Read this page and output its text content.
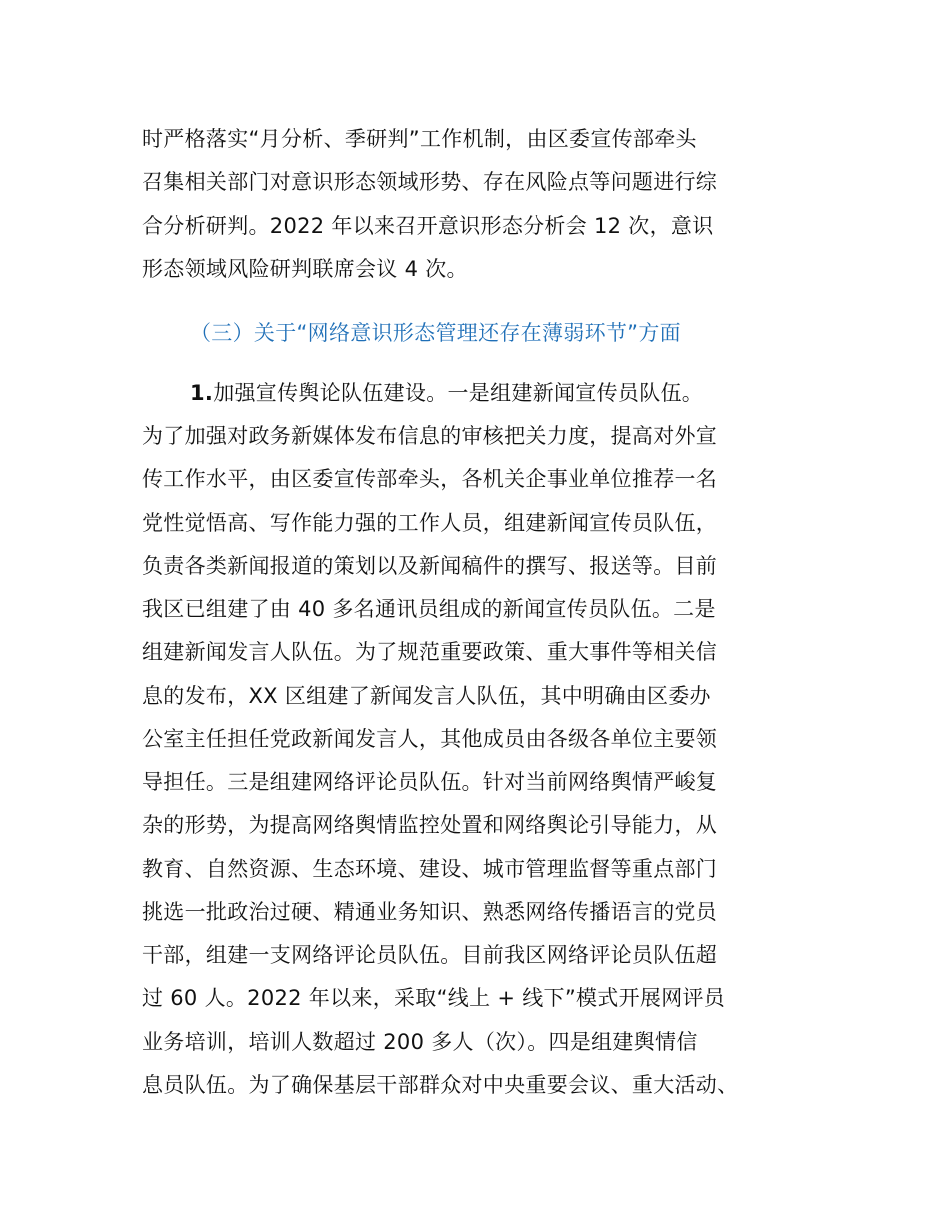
时严格落实“月分析、季研判”工作机制，由区委宣传部牵头
召集相关部门对意识形态领域形势、存在风险点等问题进行综
合分析研判。2022 年以来召开意识形态分析会 12 次，意识
形态领域风险研判联席会议 4 次。
（三）关于“网络意识形态管理还存在薄弱环节”方面
1.加强宣传舆论队伍建设。一是组建新闻宣传员队伍。
为了加强对政务新媒体发布信息的审核把关力度，提高对外宣
传工作水平，由区委宣传部牵头，各机关企事业单位推荐一名
党性觉悟高、写作能力强的工作人员，组建新闻宣传员队伍，
负责各类新闻报道的策划以及新闻稿件的撰写、报送等。目前
我区已组建了由 40 多名通讯员组成的新闻宣传员队伍。二是
组建新闻发言人队伍。为了规范重要政策、重大事件等相关信
息的发布，XX 区组建了新闻发言人队伍，其中明确由区委办
公室主任担任党政新闻发言人，其他成员由各级各单位主要领
导担任。三是组建网络评论员队伍。针对当前网络舆情严峻复
杂的形势，为提高网络舆情监控处置和网络舆论引导能力，从
教育、自然资源、生态环境、建设、城市管理监督等重点部门
挑选一批政治过硬、精通业务知识、熟悉网络传播语言的党员
干部，组建一支网络评论员队伍。目前我区网络评论员队伍超
过 60 人。2022 年以来，采取“线上 + 线下”模式开展网评员
业务培训，培训人数超过 200 多人（次）。四是组建舆情信
息员队伍。为了确保基层干部群众对中央重要会议、重大活动、
